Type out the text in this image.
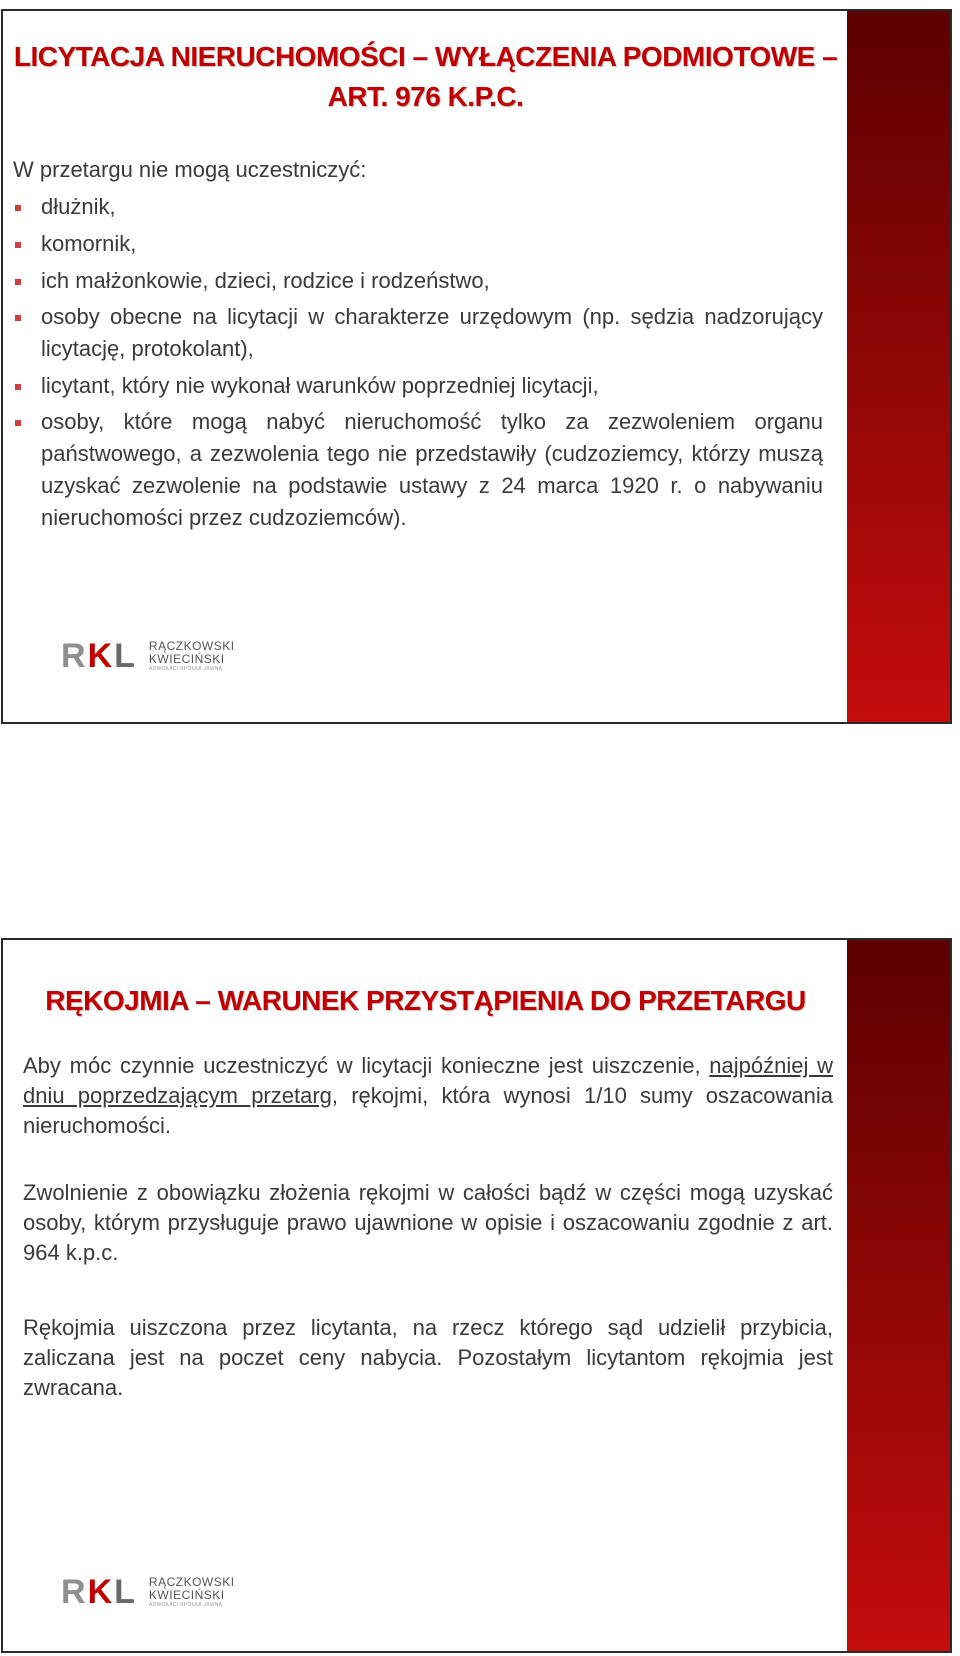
LICYTACJA NIERUCHOMOŚCI – WYŁĄCZENIA PODMIOTOWE –
ART. 976 K.P.C.
W przetargu nie mogą uczestniczyć:
dłużnik,
komornik,
ich małżonkowie, dzieci, rodzice i rodzeństwo,
osoby obecne na licytacji w charakterze urzędowym (np. sędzia nadzorujący licytację, protokolant),
licytant, który nie wykonał warunków poprzedniej licytacji,
osoby, które mogą nabyć nieruchomość tylko za zezwoleniem organu państwowego, a zezwolenia tego nie przedstawiły (cudzoziemcy, którzy muszą uzyskać zezwolenie na podstawie ustawy z 24 marca 1920 r. o nabywaniu nieruchomości przez cudzoziemców).
RKL RĄCZKOWSKI
KWIECIŃSKI
ADWOKACI SPÓŁKA JAWNA
RĘKOJMIA – WARUNEK PRZYSTĄPIENIA DO PRZETARGU
Aby móc czynnie uczestniczyć w licytacji konieczne jest uiszczenie, najpóźniej w dniu poprzedzającym przetarg, rękojmi, która wynosi 1/10 sumy oszacowania nieruchomości.
Zwolnienie z obowiązku złożenia rękojmi w całości bądź w części mogą uzyskać osoby, którym przysługuje prawo ujawnione w opisie i oszacowaniu zgodnie z art. 964 k.p.c.
Rękojmia uiszczona przez licytanta, na rzecz którego sąd udzielił przybicia, zaliczana jest na poczet ceny nabycia. Pozostałym licytantom rękojmia jest zwracana.
RKL RĄCZKOWSKI
KWIECIŃSKI
ADWOKACI SPÓŁKA JAWNA
